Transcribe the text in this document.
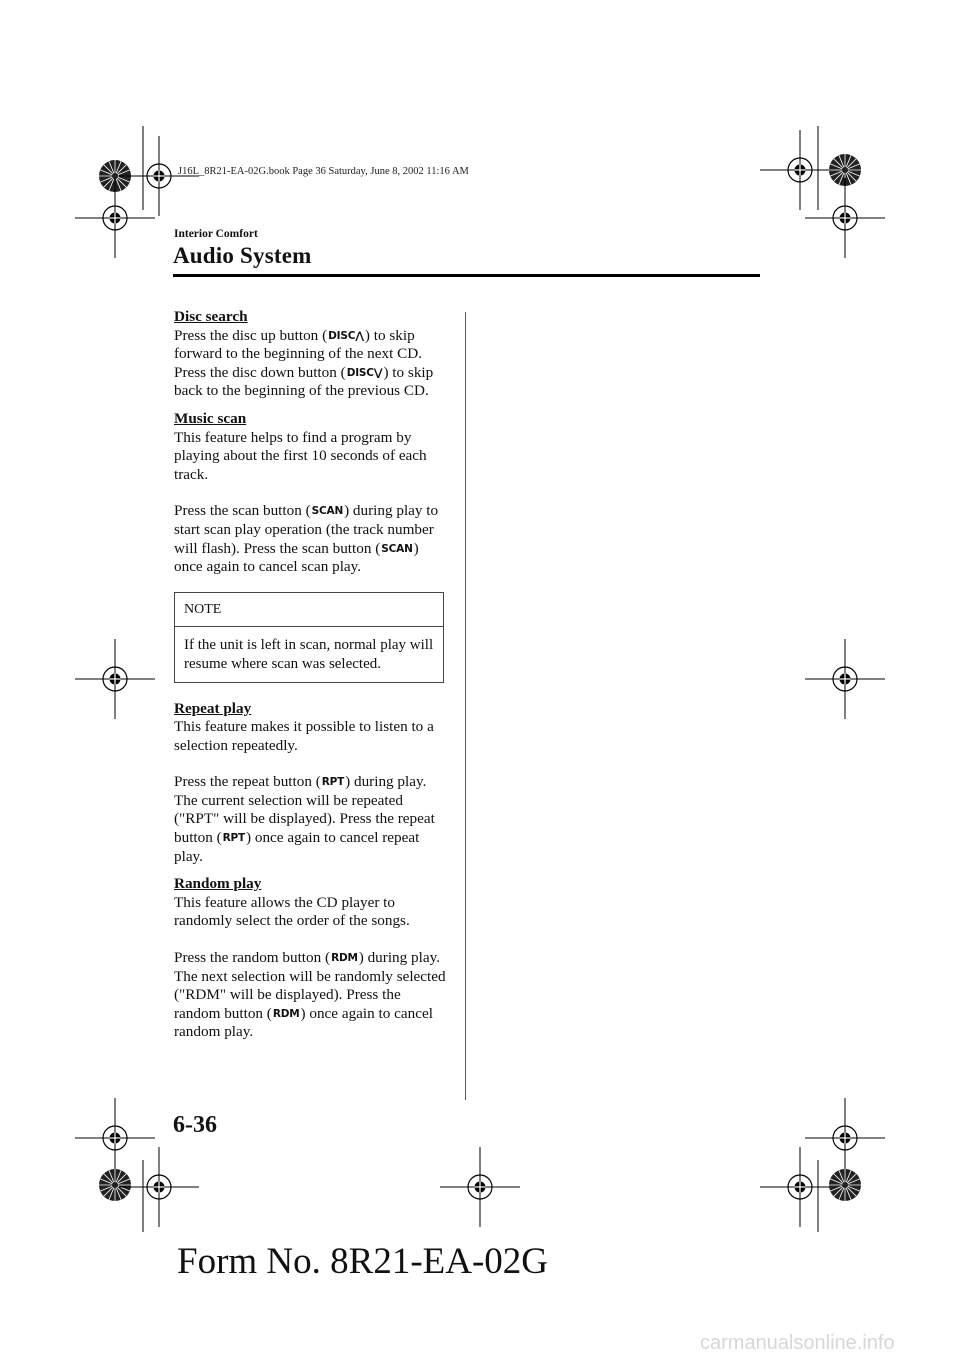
J16L_8R21-EA-02G.book Page 36 Saturday, June 8, 2002 11:16 AM
Interior Comfort
Audio System

Disc search

Press the disc up button (DISC⋀) to skip forward to the beginning of the next CD. Press the disc down button (DISC⋁) to skip back to the beginning of the previous CD.

Music scan

This feature helps to find a program by playing about the first 10 seconds of each track.

Press the scan button (SCAN) during play to start scan play operation (the track number will flash). Press the scan button (SCAN) once again to cancel scan play.

NOTE
If the unit is left in scan, normal play will resume where scan was selected.

Repeat play

This feature makes it possible to listen to a selection repeatedly.

Press the repeat button (RPT) during play. The current selection will be repeated ("RPT" will be displayed). Press the repeat button (RPT) once again to cancel repeat play.

Random play

This feature allows the CD player to randomly select the order of the songs.

Press the random button (RDM) during play. The next selection will be randomly selected ("RDM" will be displayed). Press the random button (RDM) once again to cancel random play.

6-36
Form No. 8R21-EA-02G
carmanualsonline.info
